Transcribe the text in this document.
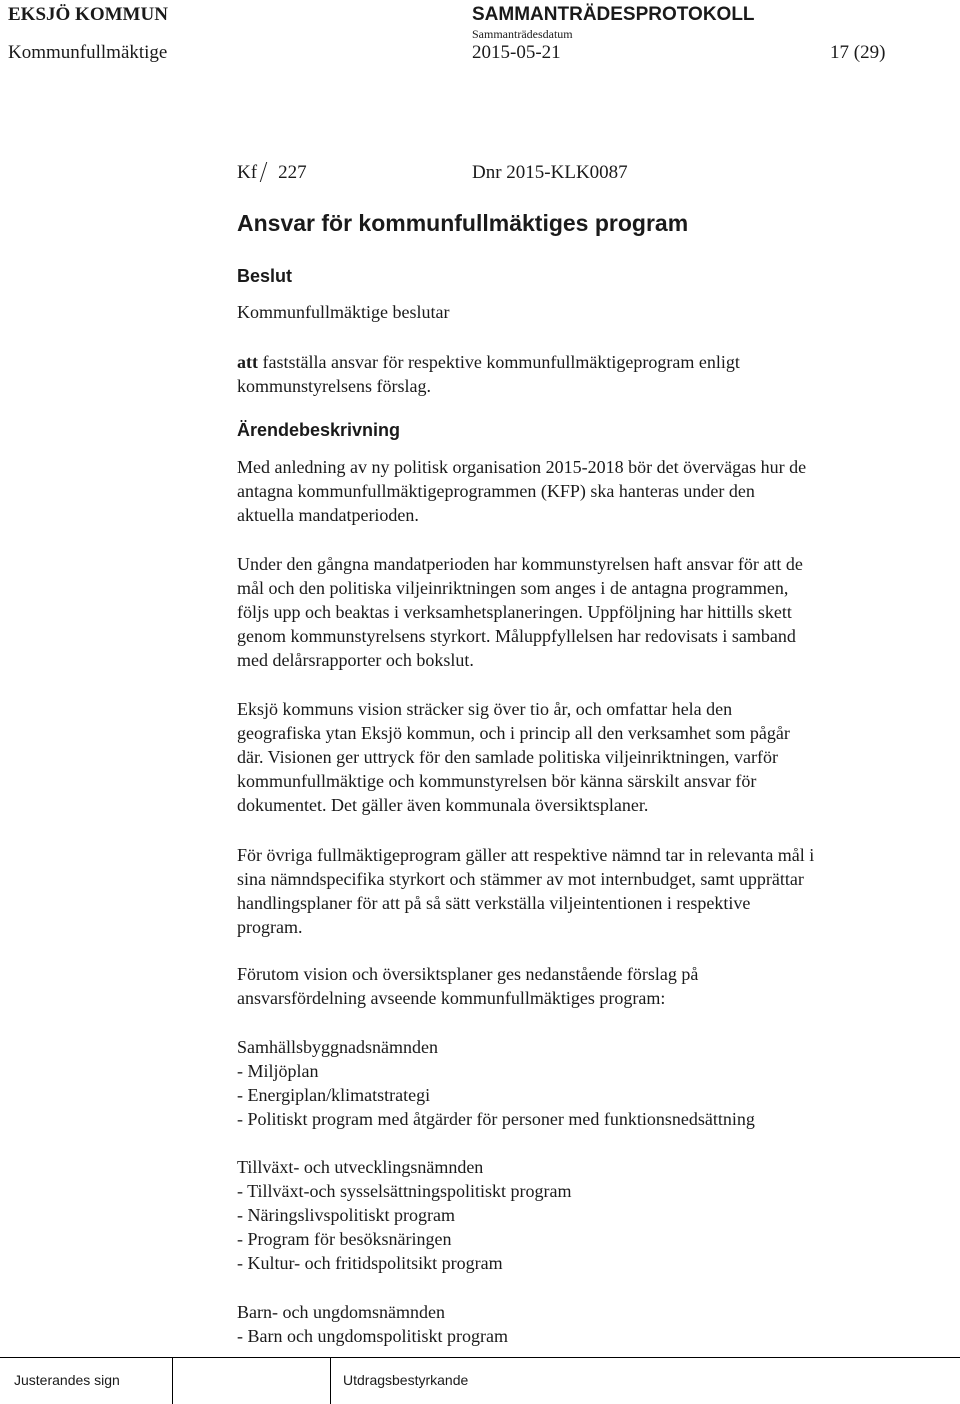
EKSJÖ KOMMUN	SAMMANTRÄDESPROTOKOLL
Sammanträdesdatum
Kommunfullmäktige	2015-05-21	17 (29)
Kf 227	Dnr 2015-KLK0087
Ansvar för kommunfullmäktiges program
Beslut
Kommunfullmäktige beslutar
att fastställa ansvar för respektive kommunfullmäktigeprogram enligt
kommunstyrelsens förslag.
Ärendebeskrivning
Med anledning av ny politisk organisation 2015-2018 bör det övervägas hur de
antagna kommunfullmäktigeprogrammen (KFP) ska hanteras under den
aktuella mandatperioden.
Under den gångna mandatperioden har kommunstyrelsen haft ansvar för att de
mål och den politiska viljeinriktningen som anges i de antagna programmen,
följs upp och beaktas i verksamhetsplaneringen. Uppföljning har hittills skett
genom kommunstyrelsens styrkort. Måluppfyllelsen har redovisats i samband
med delårsrapporter och bokslut.
Eksjö kommuns vision sträcker sig över tio år, och omfattar hela den
geografiska ytan Eksjö kommun, och i princip all den verksamhet som pågår
där. Visionen ger uttryck för den samlade politiska viljeinriktningen, varför
kommunfullmäktige och kommunstyrelsen bör känna särskilt ansvar för
dokumentet. Det gäller även kommunala översiktsplaner.
För övriga fullmäktigeprogram gäller att respektive nämnd tar in relevanta mål i
sina nämndspecifika styrkort och stämmer av mot internbudget, samt upprättar
handlingsplaner för att på så sätt verkställa viljeintentionen i respektive
program.
Förutom vision och översiktsplaner ges nedanstående förslag på
ansvarsfördelning avseende kommunfullmäktiges program:
Samhällsbyggnadsnämnden
- Miljöplan
- Energiplan/klimatstrategi
- Politiskt program med åtgärder för personer med funktionsnedsättning
Tillväxt- och utvecklingsnämnden
- Tillväxt-och sysselsättningspolitiskt program
- Näringslivspolitiskt program
- Program för besöksnäringen
- Kultur- och fritidspolitsikt program
Barn- och ungdomsnämnden
- Barn och ungdomspolitiskt program
Justerandes sign	Utdragsbestyrkande
